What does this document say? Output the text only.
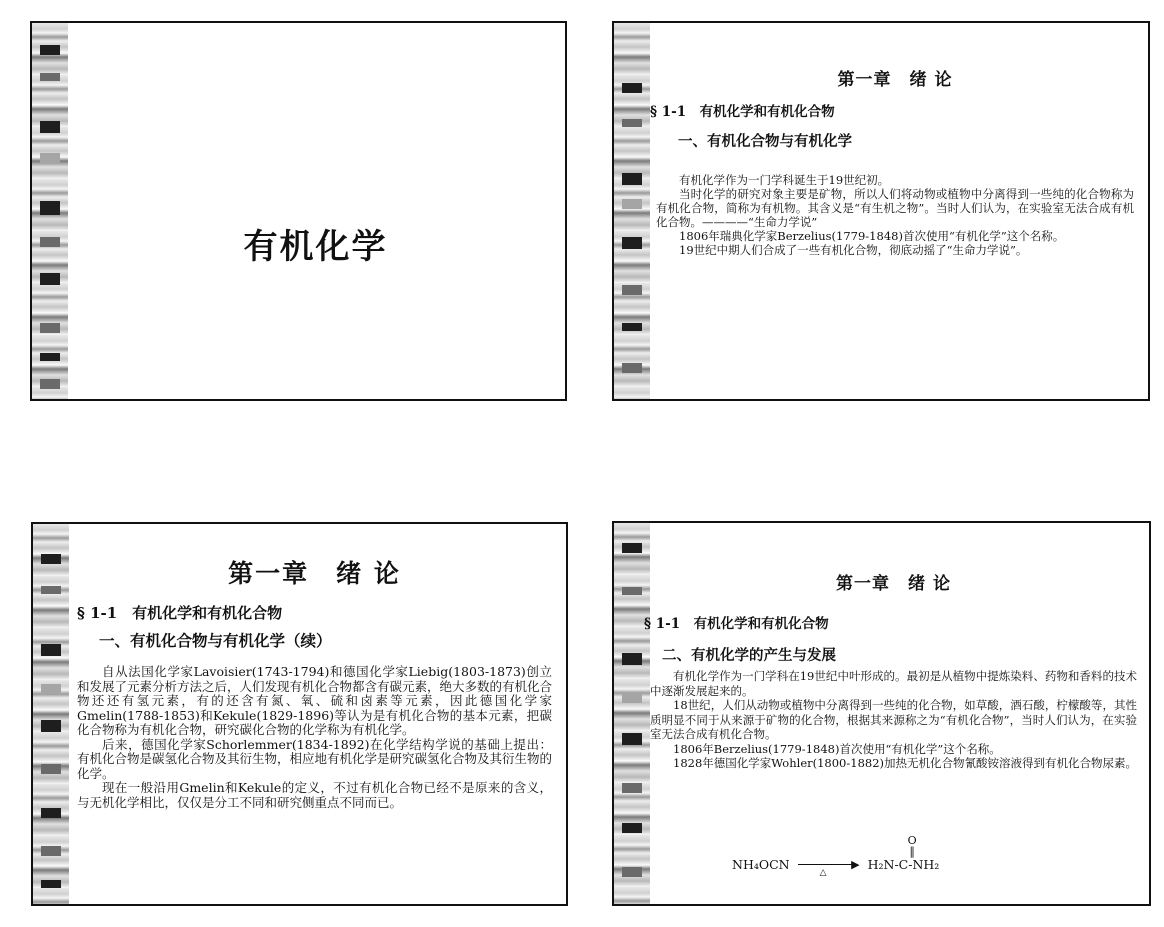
有机化学
第一章　绪 论
§ 1-1　有机化学和有机化合物
一、有机化合物与有机化学

有机化学作为一门学科诞生于19世纪初。

当时化学的研究对象主要是矿物，所以人们将动物或植物中分离得到一些纯的化合物称为有机化合物，简称为有机物。其含义是“有生机之物”。当时人们认为，在实验室无法合成有机化合物。————“生命力学说”

1806年瑞典化学家Berzelius(1779-1848)首次使用“有机化学”这个名称。

19世纪中期人们合成了一些有机化合物，彻底动摇了“生命力学说”。

第一章　绪 论
§ 1-1　有机化学和有机化合物
一、有机化合物与有机化学（续）

自从法国化学家Lavoisier(1743-1794)和德国化学家Liebig(1803-1873)创立和发展了元素分析方法之后，人们发现有机化合物都含有碳元素，绝大多数的有机化合物还还有氢元素，有的还含有氮、氧、硫和卤素等元素，因此德国化学家Gmelin(1788-1853)和Kekule(1829-1896)等认为是有机化合物的基本元素，把碳化合物称为有机化合物，研究碳化合物的化学称为有机化学。

后来，德国化学家Schorlemmer(1834-1892)在化学结构学说的基础上提出：有机化合物是碳氢化合物及其衍生物，相应地有机化学是研究碳氢化合物及其衍生物的化学。

现在一般沿用Gmelin和Kekule的定义，不过有机化合物已经不是原来的含义，与无机化学相比，仅仅是分工不同和研究侧重点不同而已。

第一章　绪 论
§ 1-1　有机化学和有机化合物
二、有机化学的产生与发展

有机化学作为一门学科在19世纪中叶形成的。最初是从植物中提炼染料、药物和香料的技术中逐渐发展起来的。

18世纪，人们从动物或植物中分离得到一些纯的化合物，如草酸，酒石酸，柠檬酸等，其性质明显不同于从来源于矿物的化合物，根据其来源称之为“有机化合物”，当时人们认为，在实验室无法合成有机化合物。

1806年Berzelius(1779-1848)首次使用“有机化学”这个名称。

1828年德国化学家Wohler(1800-1882)加热无机化合物氰酸铵溶液得到有机化合物尿素。

NH₄OCN	▶
△
O
‖
H₂N-C-NH₂
